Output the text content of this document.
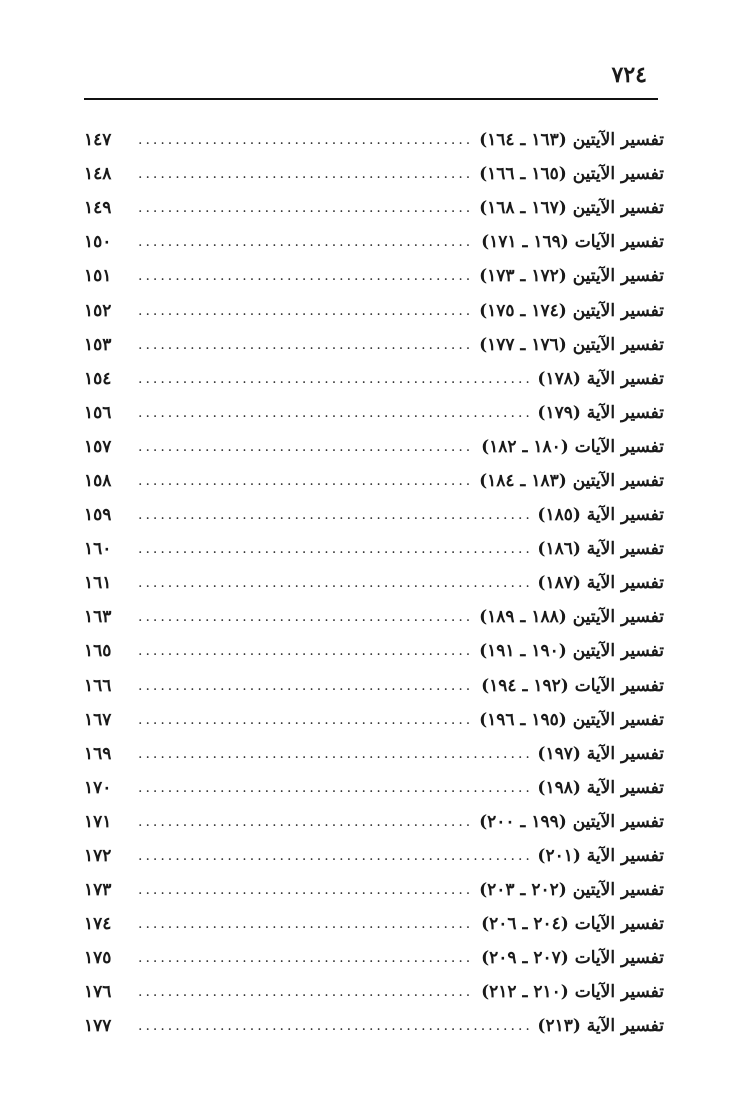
٧٢٤
تفسير الآيتين (١٦٣ ـ ١٦٤)
.....
١٤٧
تفسير الآيتين (١٦٥ ـ ١٦٦)
.....
١٤٨
تفسير الآيتين (١٦٧ ـ ١٦٨)
.....
١٤٩
تفسير الآيات (١٦٩ ـ ١٧١)
.....
١٥٠
تفسير الآيتين (١٧٢ ـ ١٧٣)
.....
١٥١
تفسير الآيتين (١٧٤ ـ ١٧٥)
.....
١٥٢
تفسير الآيتين (١٧٦ ـ ١٧٧)
.....
١٥٣
تفسير الآية (١٧٨)
.....
١٥٤
تفسير الآية (١٧٩)
.....
١٥٦
تفسير الآيات (١٨٠ ـ ١٨٢)
.....
١٥٧
تفسير الآيتين (١٨٣ ـ ١٨٤)
.....
١٥٨
تفسير الآية (١٨٥)
.....
١٥٩
تفسير الآية (١٨٦)
.....
١٦٠
تفسير الآية (١٨٧)
.....
١٦١
تفسير الآيتين (١٨٨ ـ ١٨٩)
.....
١٦٣
تفسير الآيتين (١٩٠ ـ ١٩١)
.....
١٦٥
تفسير الآيات (١٩٢ ـ ١٩٤)
.....
١٦٦
تفسير الآيتين (١٩٥ ـ ١٩٦)
.....
١٦٧
تفسير الآية (١٩٧)
.....
١٦٩
تفسير الآية (١٩٨)
.....
١٧٠
تفسير الآيتين (١٩٩ ـ ٢٠٠)
.....
١٧١
تفسير الآية (٢٠١)
.....
١٧٢
تفسير الآيتين (٢٠٢ ـ ٢٠٣)
.....
١٧٣
تفسير الآيات (٢٠٤ ـ ٢٠٦)
.....
١٧٤
تفسير الآيات (٢٠٧ ـ ٢٠٩)
.....
١٧٥
تفسير الآيات (٢١٠ ـ ٢١٢)
.....
١٧٦
تفسير الآية (٢١٣)
.....
١٧٧
